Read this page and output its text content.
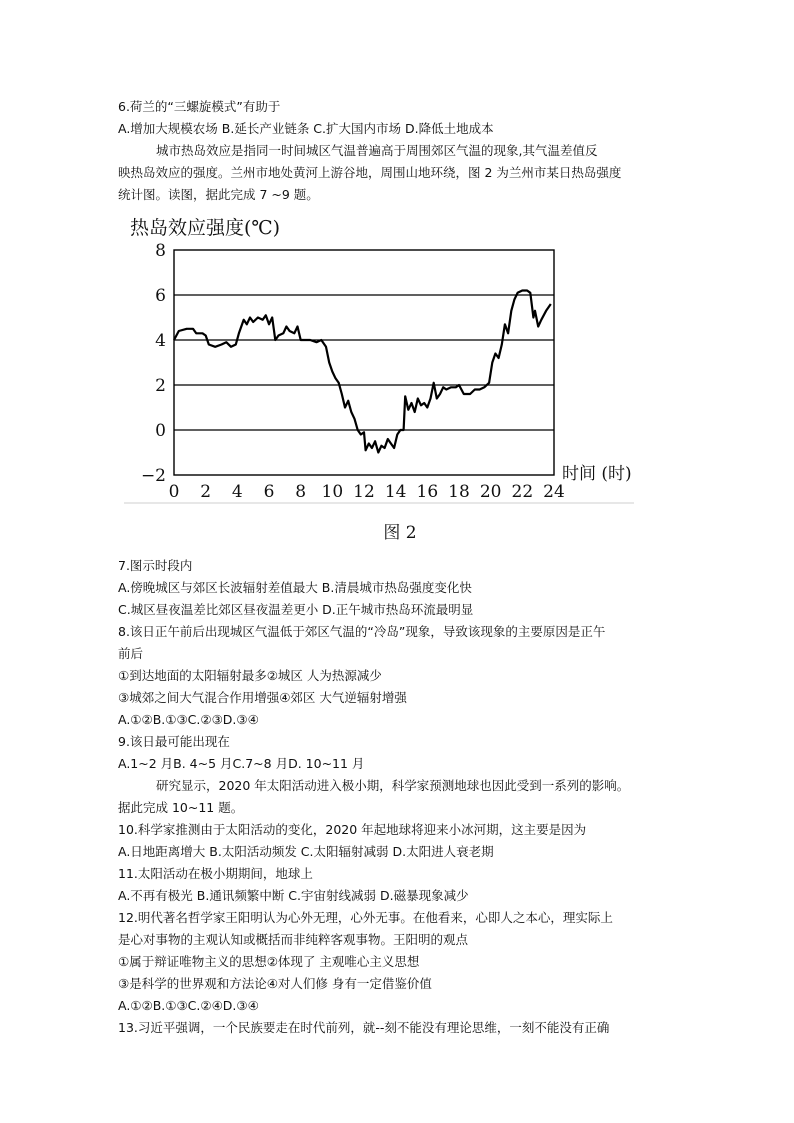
6.荷兰的“三螺旋模式”有助于
A.增加大规模农场 B.延长产业链条 C.扩大国内市场 D.降低土地成本
城市热岛效应是指同一时间城区气温普遍高于周围郊区气温的现象,其气温差值反
映热岛效应的强度。兰州市地处黄河上游谷地，周围山地环绕，图 2 为兰州市某日热岛强度
统计图。读图，据此完成 7 ~9 题。
热岛效应强度(℃)
8
6
4
2
0
−2
0 2 4 6 8 10 12 14 16 18 20 22 24
时间 (时)
图 2
7.图示时段内
A.傍晚城区与郊区长波辐射差值最大 B.清晨城市热岛强度变化快
C.城区昼夜温差比郊区昼夜温差更小 D.正午城市热岛环流最明显
8.该日正午前后出现城区气温低于郊区气温的“冷岛”现象，导致该现象的主要原因是正午
前后
①到达地面的太阳辐射最多②城区 人为热源减少
③城郊之间大气混合作用增强④郊区 大气逆辐射增强
A.①②B.①③C.②③D.③④
9.该日最可能出现在
A.1~2 月B. 4~5 月C.7~8 月D. 10~11 月
研究显示，2020 年太阳活动进入极小期，科学家预测地球也因此受到一系列的影响。
据此完成 10~11 题。
10.科学家推测由于太阳活动的变化，2020 年起地球将迎来小冰河期，这主要是因为
A.日地距离增大 B.太阳活动频发 C.太阳辐射减弱 D.太阳进人衰老期
11.太阳活动在极小期期间，地球上
A.不再有极光 B.通讯频繁中断 C.宇宙射线减弱 D.磁暴现象减少
12.明代著名哲学家王阳明认为心外无理，心外无事。在他看来，心即人之本心，理实际上
是心对事物的主观认知或概括而非纯粹客观事物。王阳明的观点
①属于辩证唯物主义的思想②体现了 主观唯心主义思想
③是科学的世界观和方法论④对人们修 身有一定借鉴价值
A.①②B.①③C.②④D.③④
13.习近平强调，一个民族要走在时代前列，就--刻不能没有理论思维，一刻不能没有正确
